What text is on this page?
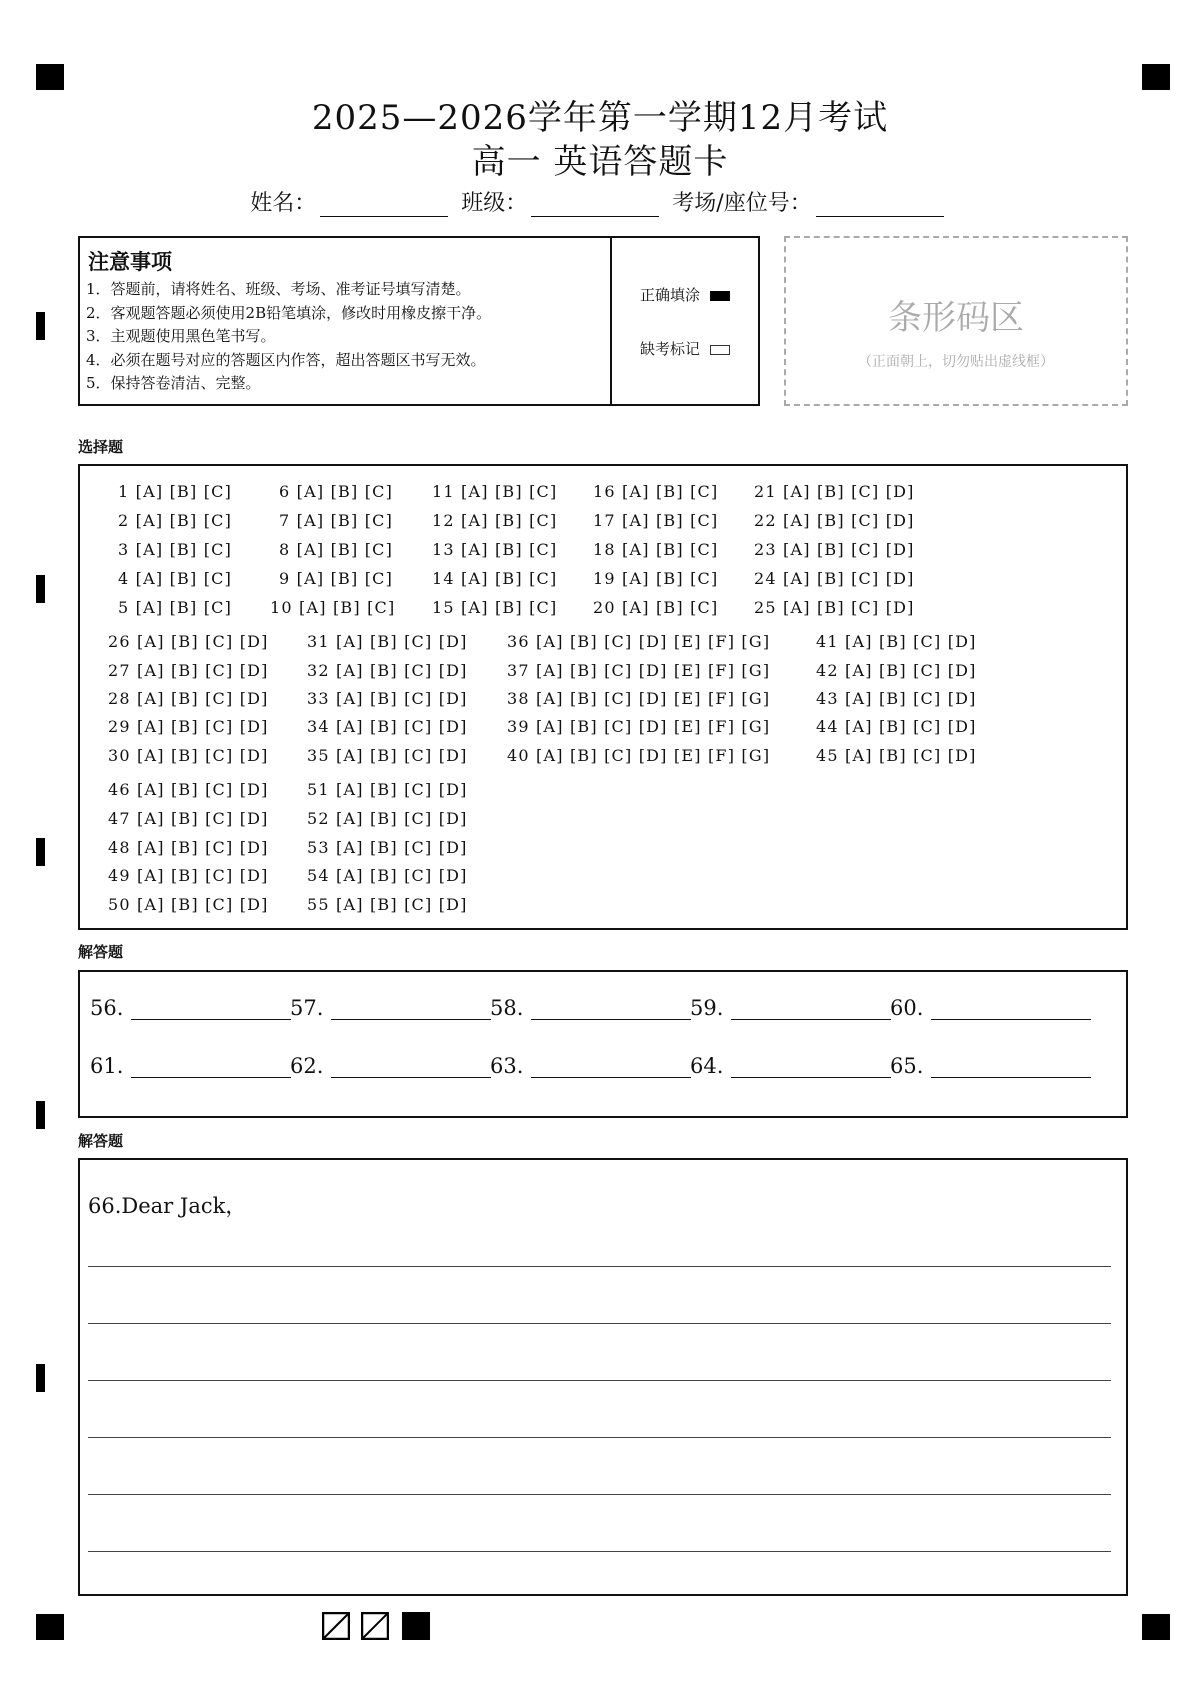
2025—2026学年第一学期12月考试
高一 英语答题卡
姓名：	班级：	考场/座位号：
注意事项
1．答题前，请将姓名、班级、考场、准考证号填写清楚。
2．客观题答题必须使用2B铅笔填涂，修改时用橡皮擦干净。
3．主观题使用黑色笔书写。
4．必须在题号对应的答题区内作答，超出答题区书写无效。
5．保持答卷清洁、完整。
正确填涂
缺考标记
条形码区
（正面朝上，切勿贴出虚线框）
选择题
1 [A] [B] [C]
2 [A] [B] [C]
3 [A] [B] [C]
4 [A] [B] [C]
5 [A] [B] [C]
6 [A] [B] [C]
7 [A] [B] [C]
8 [A] [B] [C]
9 [A] [B] [C]
10 [A] [B] [C]
11 [A] [B] [C]
12 [A] [B] [C]
13 [A] [B] [C]
14 [A] [B] [C]
15 [A] [B] [C]
16 [A] [B] [C]
17 [A] [B] [C]
18 [A] [B] [C]
19 [A] [B] [C]
20 [A] [B] [C]
21 [A] [B] [C] [D]
22 [A] [B] [C] [D]
23 [A] [B] [C] [D]
24 [A] [B] [C] [D]
25 [A] [B] [C] [D]
26 [A] [B] [C] [D]
27 [A] [B] [C] [D]
28 [A] [B] [C] [D]
29 [A] [B] [C] [D]
30 [A] [B] [C] [D]
31 [A] [B] [C] [D]
32 [A] [B] [C] [D]
33 [A] [B] [C] [D]
34 [A] [B] [C] [D]
35 [A] [B] [C] [D]
36 [A] [B] [C] [D] [E] [F] [G]
37 [A] [B] [C] [D] [E] [F] [G]
38 [A] [B] [C] [D] [E] [F] [G]
39 [A] [B] [C] [D] [E] [F] [G]
40 [A] [B] [C] [D] [E] [F] [G]
41 [A] [B] [C] [D]
42 [A] [B] [C] [D]
43 [A] [B] [C] [D]
44 [A] [B] [C] [D]
45 [A] [B] [C] [D]
46 [A] [B] [C] [D]
47 [A] [B] [C] [D]
48 [A] [B] [C] [D]
49 [A] [B] [C] [D]
50 [A] [B] [C] [D]
51 [A] [B] [C] [D]
52 [A] [B] [C] [D]
53 [A] [B] [C] [D]
54 [A] [B] [C] [D]
55 [A] [B] [C] [D]
解答题
56.	57.	58.	59.	60.
61.	62.	63.	64.	65.
解答题
66.Dear Jack，
